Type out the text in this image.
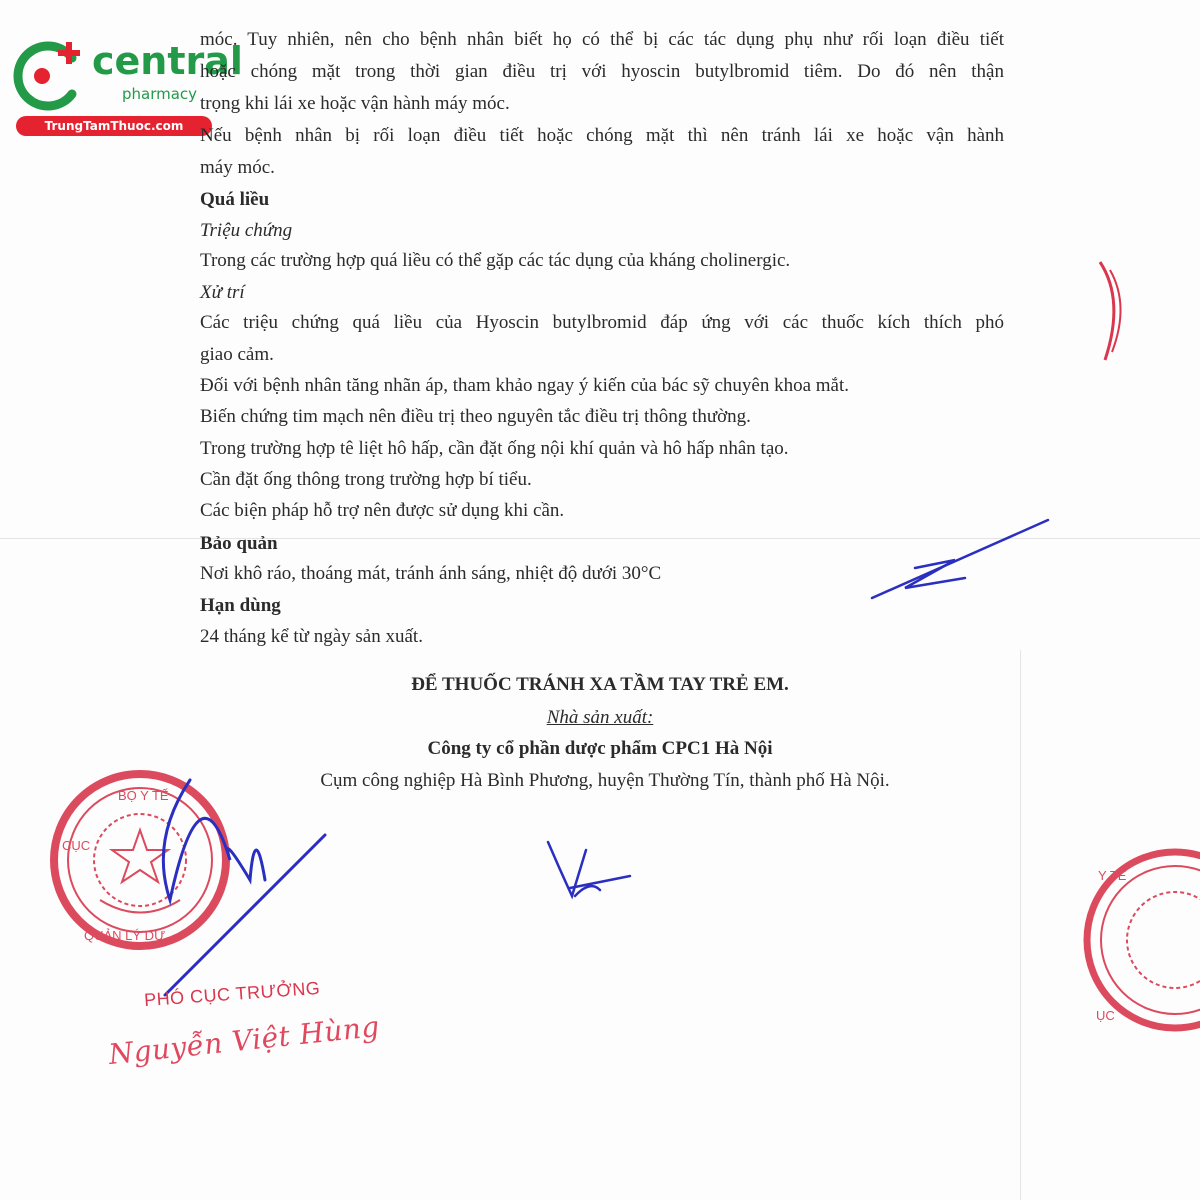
central
pharmacy
TrungTamThuoc.com
móc. Tuy nhiên, nên cho bệnh nhân biết họ có thể bị các tác dụng phụ như rối loạn điều tiết
hoặc chóng mặt trong thời gian điều trị với hyoscin butylbromid tiêm. Do đó nên thận
trọng khi lái xe hoặc vận hành máy móc.
Nếu bệnh nhân bị rối loạn điều tiết hoặc chóng mặt thì nên tránh lái xe hoặc vận hành
máy móc.
Quá liều
Triệu chứng
Trong các trường hợp quá liều có thể gặp các tác dụng của kháng cholinergic.
Xử trí
Các triệu chứng quá liều của Hyoscin butylbromid đáp ứng với các thuốc kích thích phó
giao cảm.
Đối với bệnh nhân tăng nhãn áp, tham khảo ngay ý kiến của bác sỹ chuyên khoa mắt.
Biến chứng tim mạch nên điều trị theo nguyên tắc điều trị thông thường.
Trong trường hợp tê liệt hô hấp, cần đặt ống nội khí quản và hô hấp nhân tạo.
Cần đặt ống thông trong trường hợp bí tiểu.
Các biện pháp hỗ trợ nên được sử dụng khi cần.
Bảo quản
Nơi khô ráo, thoáng mát, tránh ánh sáng, nhiệt độ dưới 30°C
Hạn dùng
24 tháng kể từ ngày sản xuất.
ĐỂ THUỐC TRÁNH XA TẦM TAY TRẺ EM.
Nhà sản xuất:
Công ty cổ phần dược phẩm CPC1 Hà Nội
Cụm công nghiệp Hà Bình Phương, huyện Thường Tín, thành phố Hà Nội.
BỘ Y TẾ
QUẢN LÝ DƯ
CỤC
Y TẾ
ỤC
PHÓ CỤC TRƯỞNG
Nguyễn Việt Hùng
